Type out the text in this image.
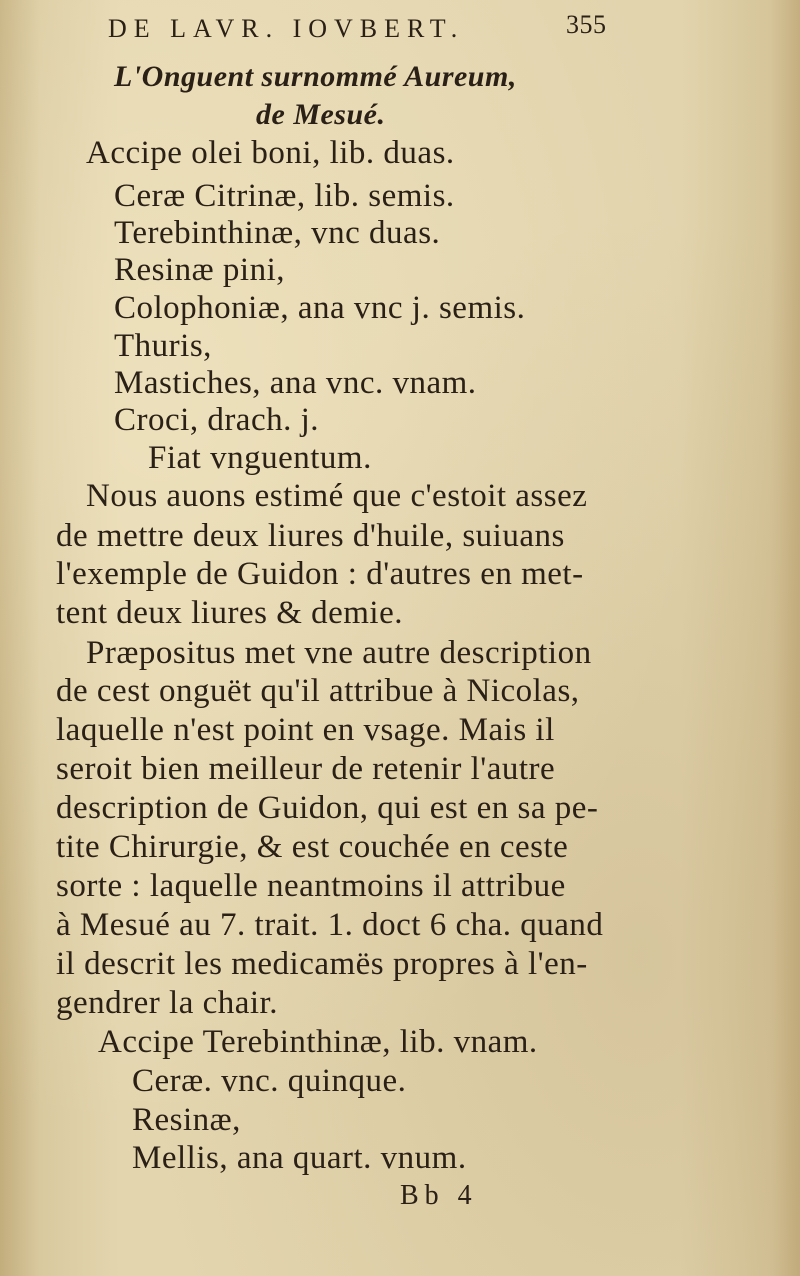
DE LAVR. IOVBERT.	355
L'Onguent surnommé Aureum,
de Mesué.
Accipe olei boni, lib. duas.
Ceræ Citrinæ, lib. semis.
Terebinthinæ, vnc duas.
Resinæ pini,
Colophoniæ, ana vnc j. semis.
Thuris,
Mastiches, ana vnc. vnam.
Croci, drach. j.
Fiat vnguentum.
Nous auons estimé que c'estoit assez
de mettre deux liures d'huile, suiuans
l'exemple de Guidon : d'autres en met-
tent deux liures & demie.
Præpositus met vne autre description
de cest onguët qu'il attribue à Nicolas,
laquelle n'est point en vsage. Mais il
seroit bien meilleur de retenir l'autre
description de Guidon, qui est en sa pe-
tite Chirurgie, & est couchée en ceste
sorte : laquelle neantmoins il attribue
à Mesué au 7. trait. 1. doct 6 cha. quand
il descrit les medicamës propres à l'en-
gendrer la chair.
Accipe Terebinthinæ, lib. vnam.
Ceræ. vnc. quinque.
Resinæ,
Mellis, ana quart. vnum.
Bb 4
